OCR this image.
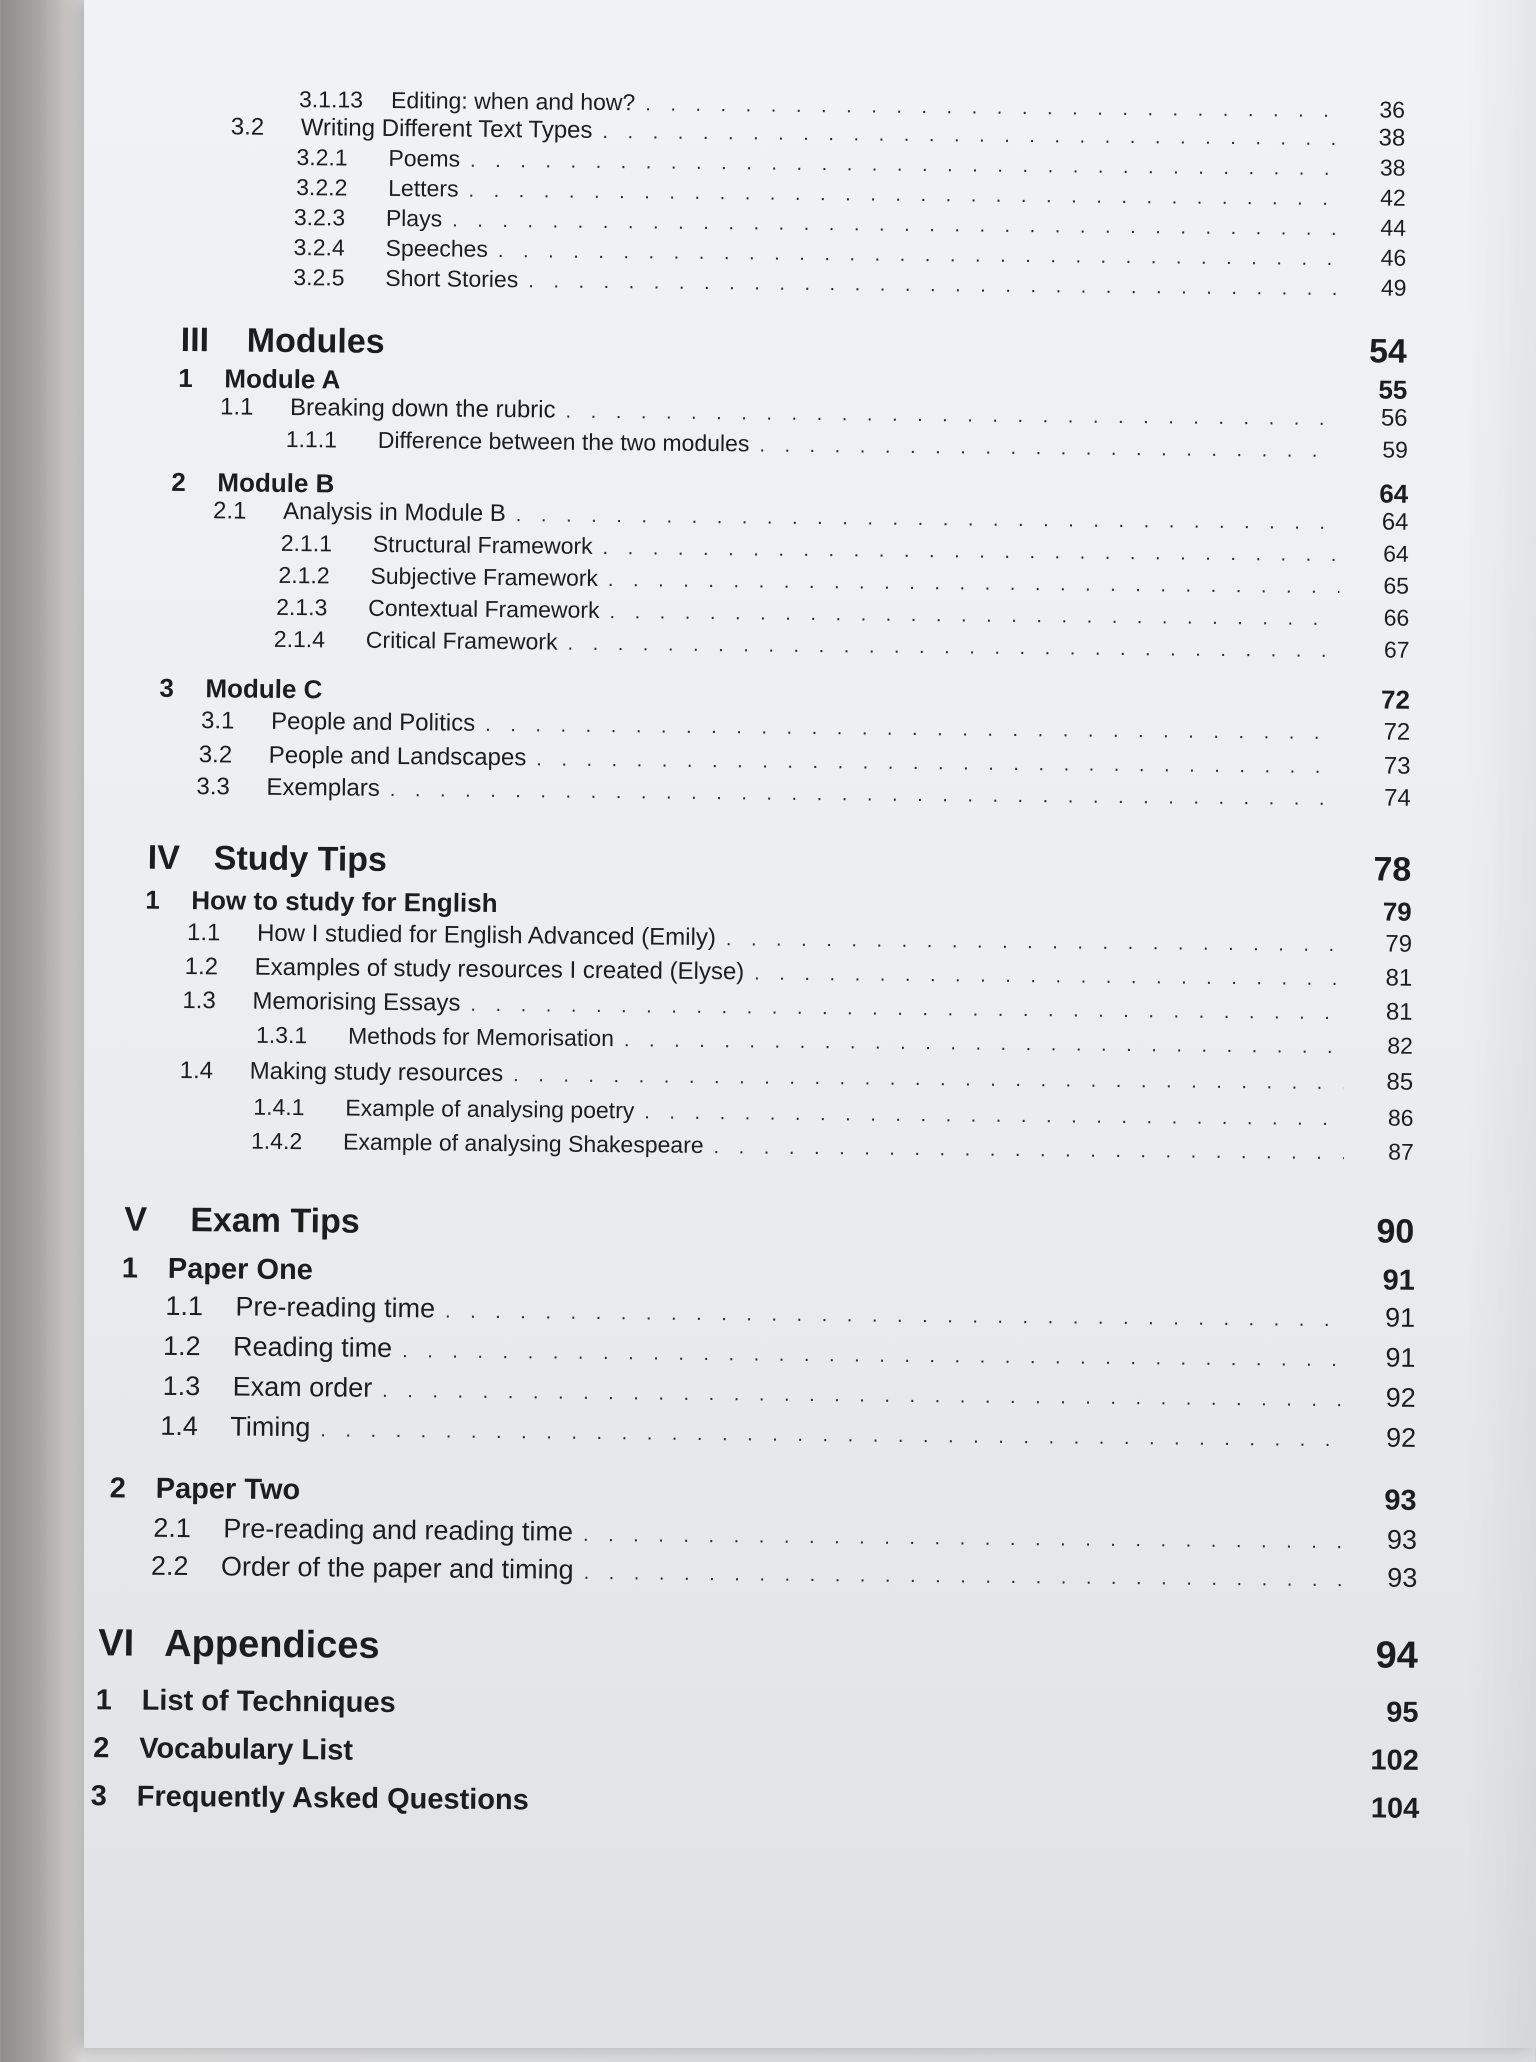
3.1.13	Editing: when and how? . . .	36
3.2	Writing Different Text Types . . .	38
3.2.1	Poems . . .	38
3.2.2	Letters . . .	42
3.2.3	Plays . . .	44
3.2.4	Speeches . . .	46
3.2.5	Short Stories . . .	49
III	Modules	54
1	Module A	55
1.1	Breaking down the rubric . . .	56
1.1.1	Difference between the two modules . . .	59
2	Module B	64
2.1	Analysis in Module B . . .	64
2.1.1	Structural Framework . . .	64
2.1.2	Subjective Framework . . .	65
2.1.3	Contextual Framework . . .	66
2.1.4	Critical Framework . . .	67
3	Module C	72
3.1	People and Politics . . .	72
3.2	People and Landscapes . . .	73
3.3	Exemplars . . .	74
IV Study Tips	78
1	How to study for English	79
1.1	How I studied for English Advanced (Emily) . . .	79
1.2	Examples of study resources I created (Elyse) . . .	81
1.3	Memorising Essays . . .	81
1.3.1	Methods for Memorisation . . .	82
1.4	Making study resources . . .	85
1.4.1	Example of analysing poetry . . .	86
1.4.2	Example of analysing Shakespeare . . .	87
V	Exam Tips	90
1	Paper One	91
1.1	Pre-reading time . . .	91
1.2	Reading time . . .	91
1.3	Exam order . . .	92
1.4	Timing . . .	92
2	Paper Two	93
2.1	Pre-reading and reading time . . .	93
2.2	Order of the paper and timing . . .	93
VI Appendices	94
1	List of Techniques	95
2	Vocabulary List	102
3	Frequently Asked Questions	104
